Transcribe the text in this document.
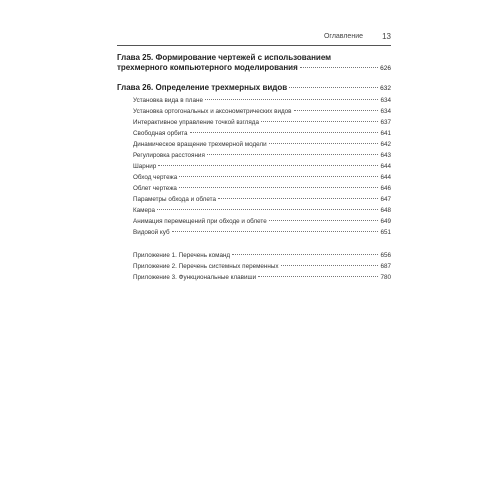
Оглавление 13
Глава 25. Формирование чертежей с использованием
трехмерного компьютерного моделирования	626
Глава 26. Определение трехмерных видов	632
Установка вида в плане	634
Установка ортогональных и аксонометрических видов	634
Интерактивное управление точкой взгляда	637
Свободная орбита	641
Динамическое вращение трехмерной модели	642
Регулировка расстояния	643
Шарнир	644
Обход чертежа	644
Облет чертежа	646
Параметры обхода и облета	647
Камера	648
Анимация перемещений при обходе и облете	649
Видовой куб	651
Приложение 1. Перечень команд	656
Приложение 2. Перечень системных переменных	687
Приложение 3. Функциональные клавиши	780
